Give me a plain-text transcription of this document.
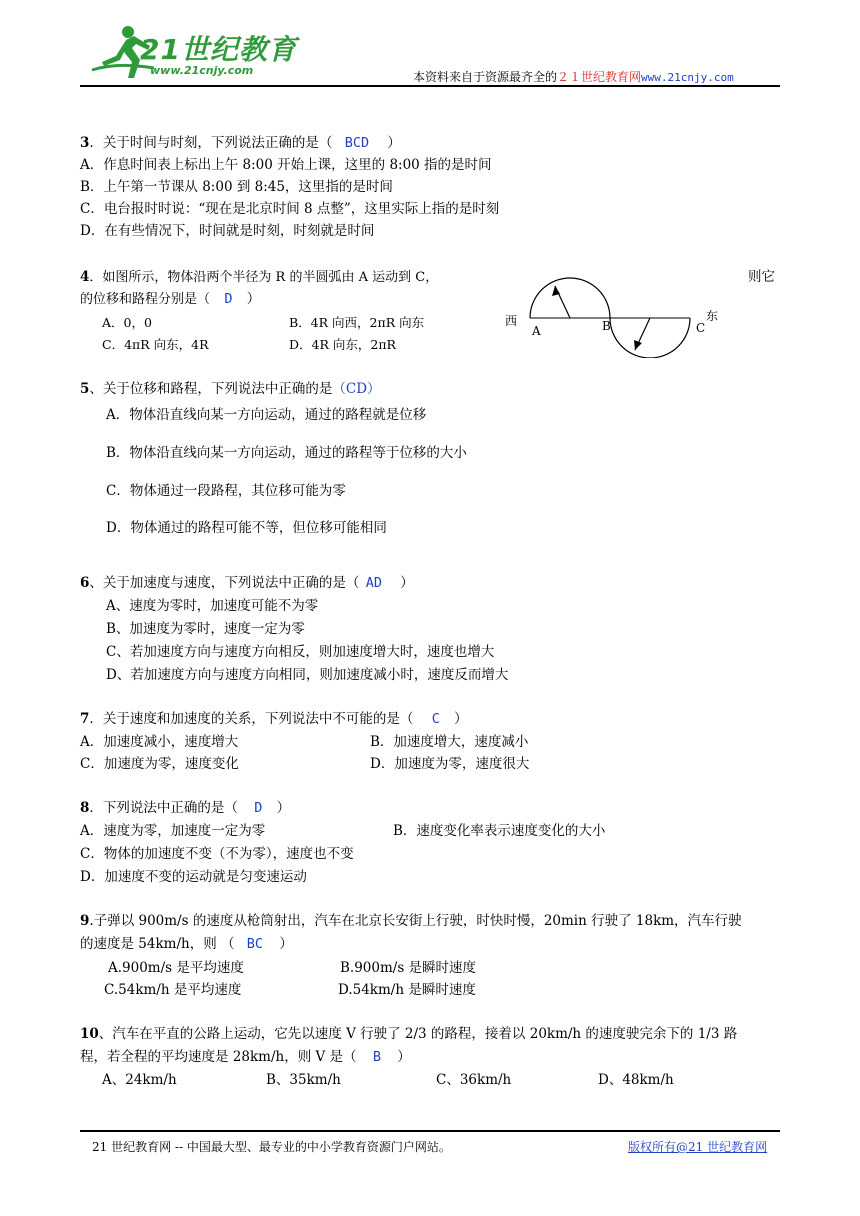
21世纪教育
www.21cnjy.com	本资料来自于资源最齐全的２１世纪教育网www.21cnjy.com
3．关于时间与时刻，下列说法正确的是（ BCD ）
A．作息时间表上标出上午 8:00 开始上课，这里的 8:00 指的是时间
B．上午第一节课从 8:00 到 8:45，这里指的是时间
C．电台报时时说：“现在是北京时间 8 点整”，这里实际上指的是时刻
D．在有些情况下，时间就是时刻，时刻就是时间
4．如图所示，物体沿两个半径为 R 的半圆弧由 A 运动到 C，	则它
的位移和路程分别是（ D ）
A．0，0	B．4R 向西，2πR 向东
C．4πR 向东，4R	D．4R 向东，2πR
西
A	B	C
东
5、关于位移和路程，下列说法中正确的是（CD）
A．物体沿直线向某一方向运动，通过的路程就是位移
B．物体沿直线向某一方向运动，通过的路程等于位移的大小
C．物体通过一段路程，其位移可能为零
D．物体通过的路程可能不等，但位移可能相同
6、关于加速度与速度，下列说法中正确的是（ AD ）
A、速度为零时，加速度可能不为零
B、加速度为零时，速度一定为零
C、若加速度方向与速度方向相反，则加速度增大时，速度也增大
D、若加速度方向与速度方向相同，则加速度减小时，速度反而增大
7．关于速度和加速度的关系，下列说法中不可能的是（ C ）
A．加速度减小，速度增大	B．加速度增大，速度减小
C．加速度为零，速度变化	D．加速度为零，速度很大
8．下列说法中正确的是（ D ）
A．速度为零，加速度一定为零	B．速度变化率表示速度变化的大小
C．物体的加速度不变（不为零），速度也不变
D．加速度不变的运动就是匀变速运动
9.子弹以 900m/s 的速度从枪筒射出，汽车在北京长安街上行驶，时快时慢，20min 行驶了 18km，汽车行驶
的速度是 54km/h，则 （ BC ）
A.900m/s 是平均速度	B.900m/s 是瞬时速度
C.54km/h 是平均速度	D.54km/h 是瞬时速度
10、汽车在平直的公路上运动，它先以速度 V 行驶了 2/3 的路程，接着以 20km/h 的速度驶完余下的 1/3 路
程，若全程的平均速度是 28km/h，则 V 是（ B ）
A、24km/h	B、35km/h	C、36km/h	D、48km/h
21 世纪教育网 -- 中国最大型、最专业的中小学教育资源门户网站。	版权所有@21 世纪教育网
